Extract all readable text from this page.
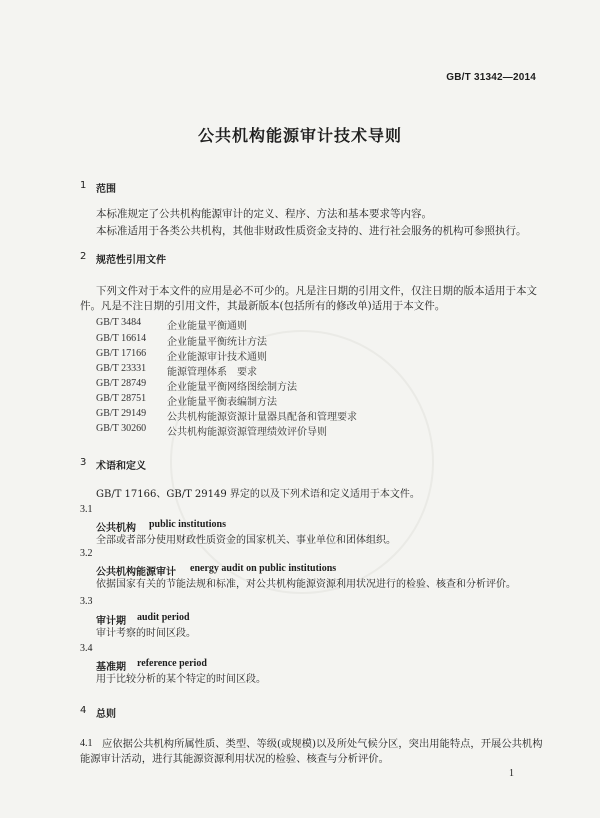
GB/T 31342—2014
公共机构能源审计技术导则
1 范围
本标准规定了公共机构能源审计的定义、程序、方法和基本要求等内容。
本标准适用于各类公共机构，其他非财政性质资金支持的、进行社会服务的机构可参照执行。
2 规范性引用文件
下列文件对于本文件的应用是必不可少的。凡是注日期的引用文件，仅注日期的版本适用于本文
件。凡是不注日期的引用文件，其最新版本(包括所有的修改单)适用于本文件。
GB/T 3484	企业能量平衡通则
GB/T 16614 企业能量平衡统计方法
GB/T 17166 企业能源审计技术通则
GB/T 23331 能源管理体系　要求
GB/T 28749 企业能量平衡网络图绘制方法
GB/T 28751 企业能量平衡表编制方法
GB/T 29149 公共机构能源资源计量器具配备和管理要求
GB/T 30260 公共机构能源资源管理绩效评价导则
3 术语和定义
GB/T 17166、GB/T 29149 界定的以及下列术语和定义适用于本文件。
3.1
公共机构 public institutions
全部或者部分使用财政性质资金的国家机关、事业单位和团体组织。
3.2
公共机构能源审计 energy audit on public institutions
依据国家有关的节能法规和标准，对公共机构能源资源利用状况进行的检验、核查和分析评价。
3.3
审计期 audit period
审计考察的时间区段。
3.4
基准期 reference period
用于比较分析的某个特定的时间区段。
4 总则
4.1 应依据公共机构所属性质、类型、等级(或规模)以及所处气候分区，突出用能特点，开展公共机构
能源审计活动，进行其能源资源利用状况的检验、核查与分析评价。
1
